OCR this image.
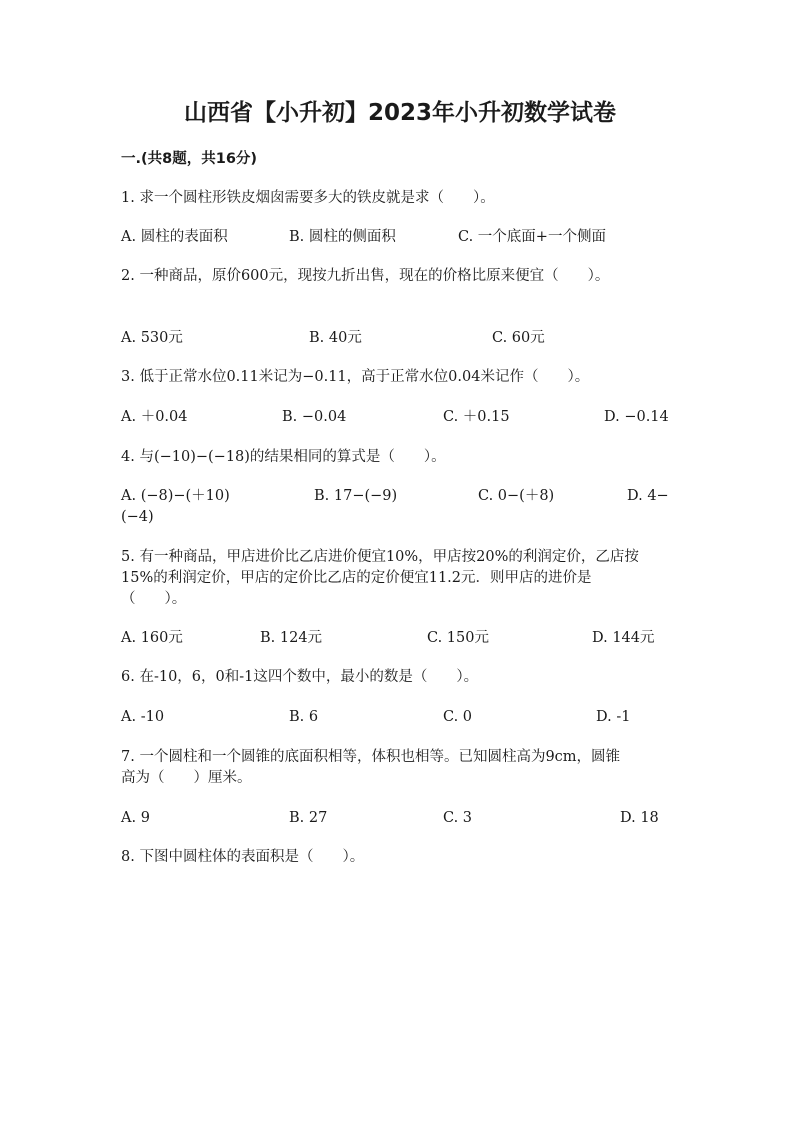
山西省【小升初】2023年小升初数学试卷
一.(共8题，共16分)
1. 求一个圆柱形铁皮烟囱需要多大的铁皮就是求（　　）。
A. 圆柱的表面积	B. 圆柱的侧面积	C. 一个底面+一个侧面
2. 一种商品，原价600元，现按九折出售，现在的价格比原来便宜（　　）。
A. 530元	B. 40元	C. 60元
3. 低于正常水位0.11米记为−0.11，高于正常水位0.04米记作（　　）。
A. ＋0.04	B. −0.04	C. ＋0.15	D. −0.14
4. 与(−10)−(−18)的结果相同的算式是（　　）。
A. (−8)−(＋10)	B. 17−(−9)	C. 0−(＋8)	D. 4−
(−4)
5. 有一种商品，甲店进价比乙店进价便宜10%，甲店按20%的利润定价，乙店按
15%的利润定价，甲店的定价比乙店的定价便宜11.2元．则甲店的进价是
（　　）。
A. 160元	B. 124元	C. 150元	D. 144元
6. 在-10，6，0和-1这四个数中，最小的数是（　　）。
A. -10	B. 6	C. 0	D. -1
7. 一个圆柱和一个圆锥的底面积相等，体积也相等。已知圆柱高为9cm，圆锥
高为（　　）厘米。
A. 9	B. 27	C. 3	D. 18
8. 下图中圆柱体的表面积是（　　）。
